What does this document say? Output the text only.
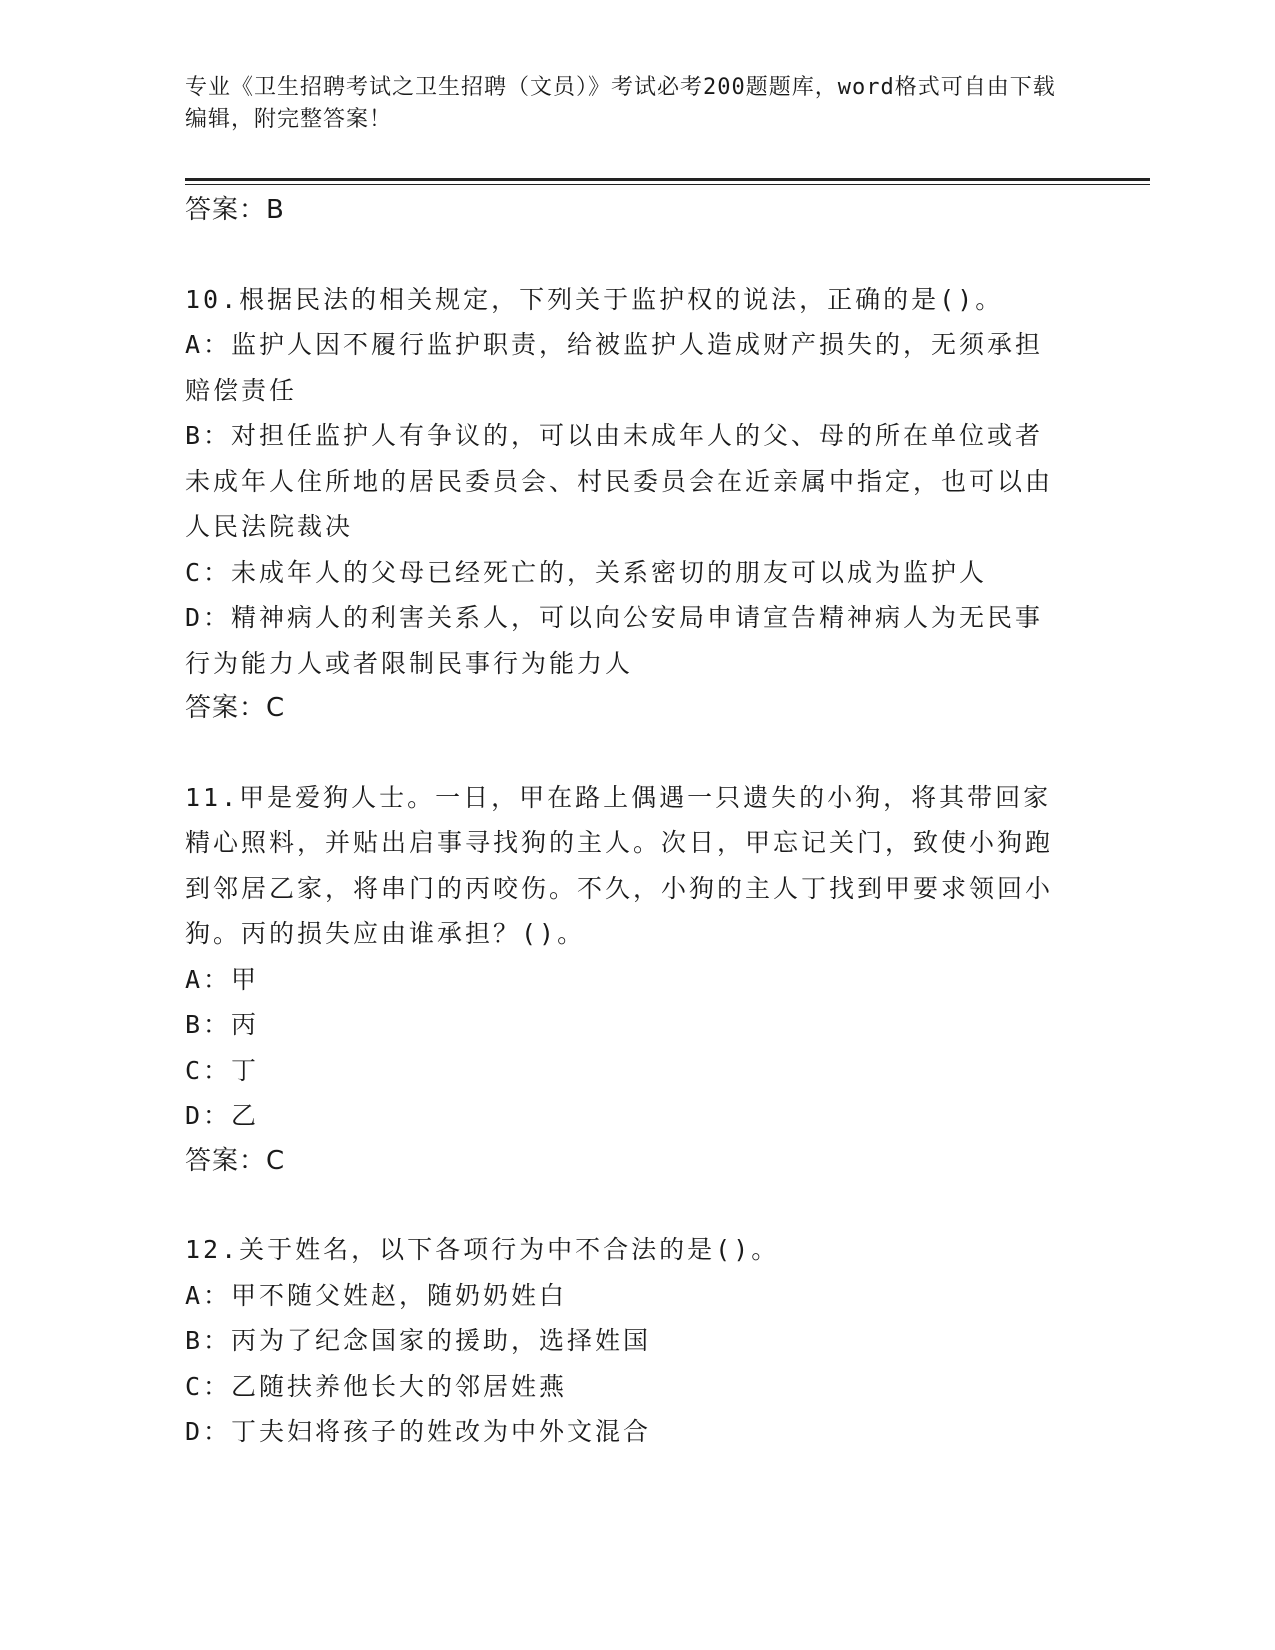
专业《卫生招聘考试之卫生招聘（文员）》考试必考200题题库，word格式可自由下载编辑，附完整答案！
答案：B
10.根据民法的相关规定，下列关于监护权的说法，正确的是()。
A：监护人因不履行监护职责，给被监护人造成财产损失的，无须承担赔偿责任
B：对担任监护人有争议的，可以由未成年人的父、母的所在单位或者未成年人住所地的居民委员会、村民委员会在近亲属中指定，也可以由人民法院裁决
C：未成年人的父母已经死亡的，关系密切的朋友可以成为监护人
D：精神病人的利害关系人，可以向公安局申请宣告精神病人为无民事行为能力人或者限制民事行为能力人
答案：C
11.甲是爱狗人士。一日，甲在路上偶遇一只遗失的小狗，将其带回家精心照料，并贴出启事寻找狗的主人。次日，甲忘记关门，致使小狗跑到邻居乙家，将串门的丙咬伤。不久，小狗的主人丁找到甲要求领回小狗。丙的损失应由谁承担？()。
A：甲
B：丙
C：丁
D：乙
答案：C
12.关于姓名，以下各项行为中不合法的是()。
A：甲不随父姓赵，随奶奶姓白
B：丙为了纪念国家的援助，选择姓国
C：乙随扶养他长大的邻居姓燕
D：丁夫妇将孩子的姓改为中外文混合
